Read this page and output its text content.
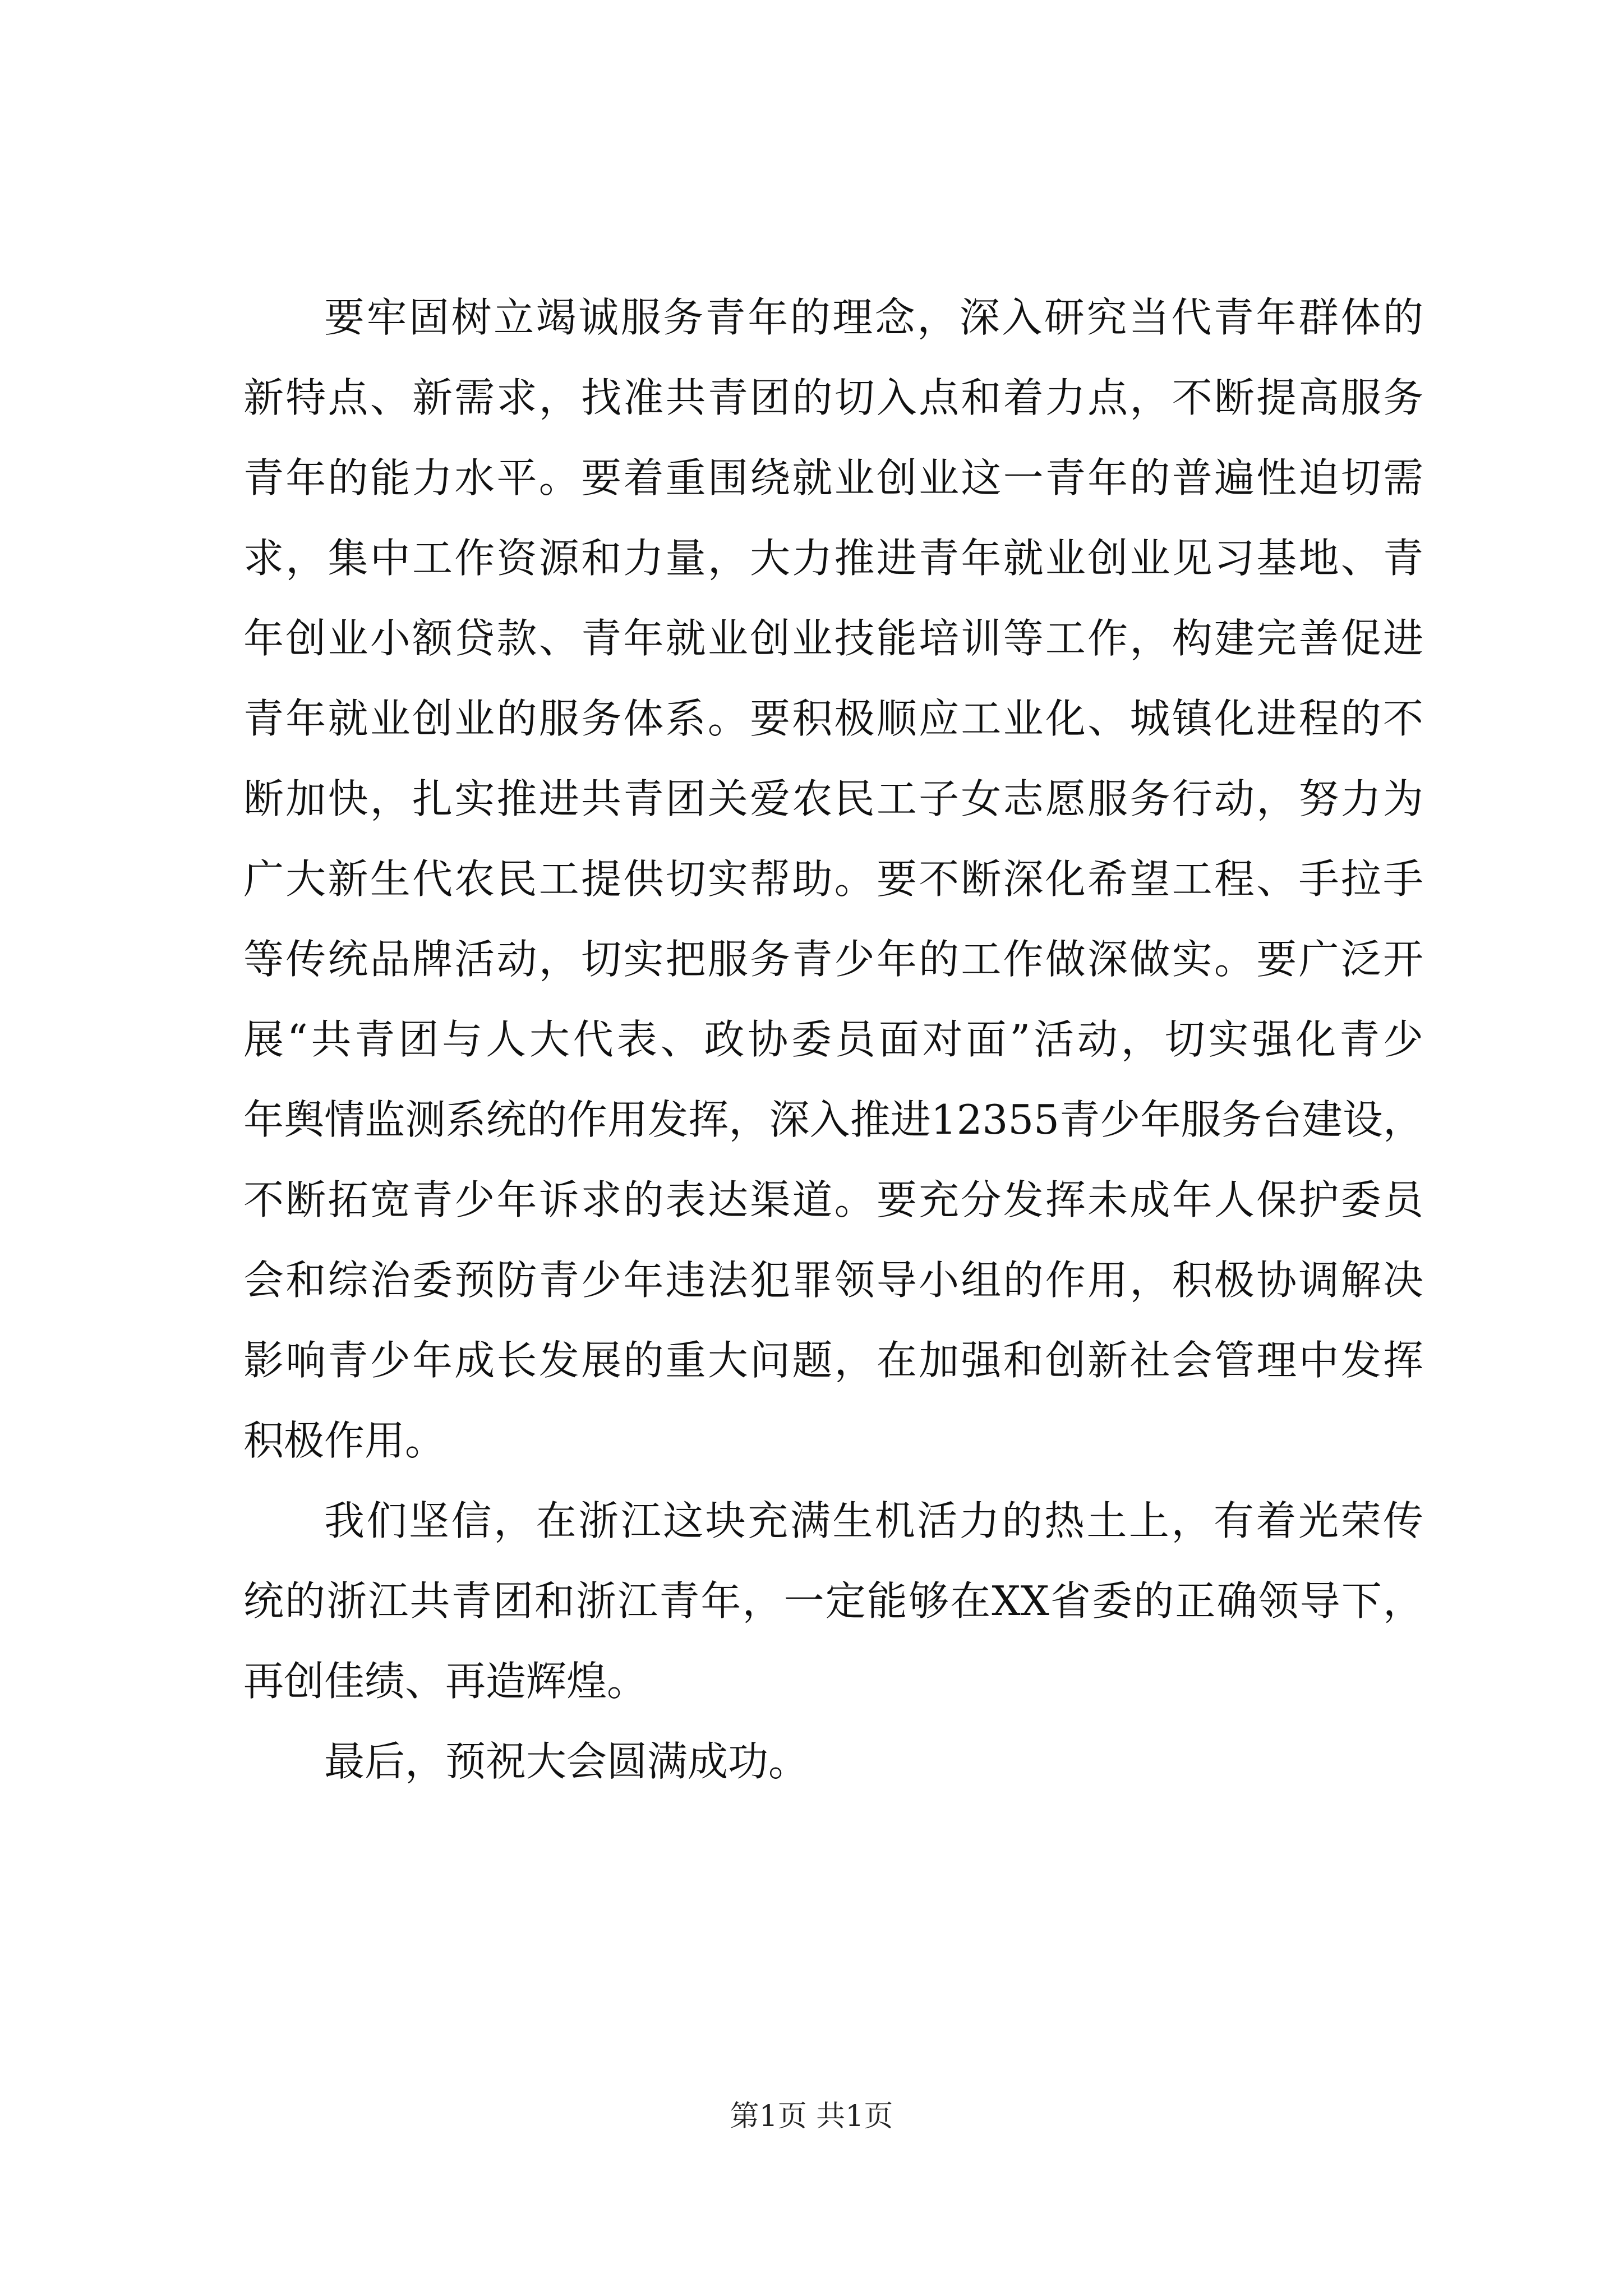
要牢固树立竭诚服务青年的理念，深入研究当代青年群体的
新特点、新需求，找准共青团的切入点和着力点，不断提高服务
青年的能力水平。要着重围绕就业创业这一青年的普遍性迫切需
求，集中工作资源和力量，大力推进青年就业创业见习基地、青
年创业小额贷款、青年就业创业技能培训等工作，构建完善促进
青年就业创业的服务体系。要积极顺应工业化、城镇化进程的不
断加快，扎实推进共青团关爱农民工子女志愿服务行动，努力为
广大新生代农民工提供切实帮助。要不断深化希望工程、手拉手
等传统品牌活动，切实把服务青少年的工作做深做实。要广泛开
展“共青团与人大代表、政协委员面对面”活动，切实强化青少
年舆情监测系统的作用发挥，深入推进12355青少年服务台建设，
不断拓宽青少年诉求的表达渠道。要充分发挥未成年人保护委员
会和综治委预防青少年违法犯罪领导小组的作用，积极协调解决
影响青少年成长发展的重大问题，在加强和创新社会管理中发挥
积极作用。
我们坚信，在浙江这块充满生机活力的热土上，有着光荣传
统的浙江共青团和浙江青年，一定能够在XX省委的正确领导下，
再创佳绩、再造辉煌。
最后，预祝大会圆满成功。
第1页 共1页
